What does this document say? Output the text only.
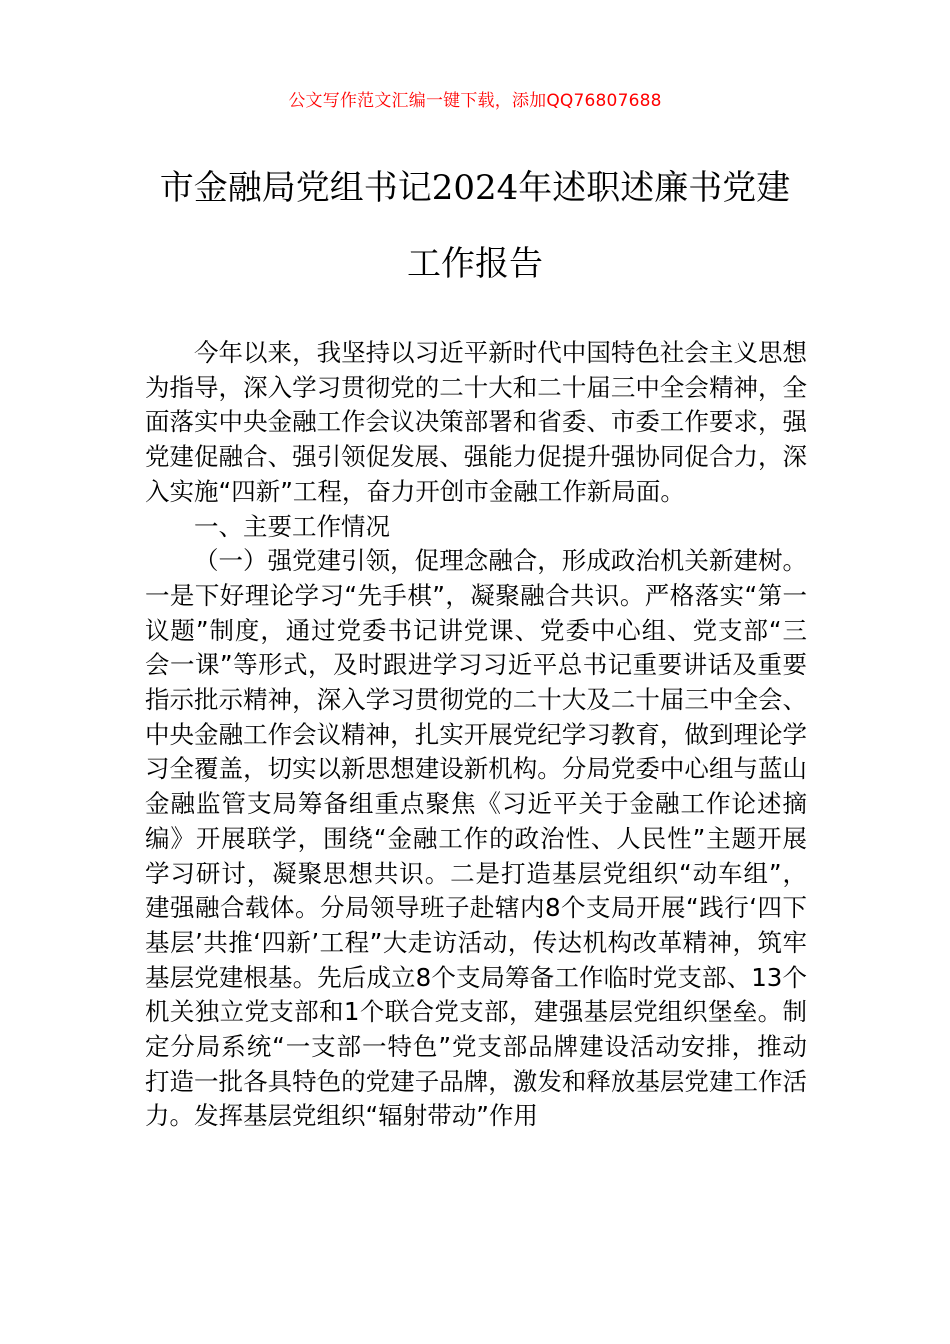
公文写作范文汇编一键下载，添加QQ76807688
市金融局党组书记2024年述职述廉书党建
工作报告

今年以来，我坚持以习近平新时代中国特色社会主义思想为指导，深入学习贯彻党的二十大和二十届三中全会精神，全面落实中央金融工作会议决策部署和省委、市委工作要求，强党建促融合、强引领促发展、强能力促提升强协同促合力，深入实施“四新”工程，奋力开创市金融工作新局面。

一、主要工作情况

（一）强党建引领，促理念融合，形成政治机关新建树。一是下好理论学习“先手棋”，凝聚融合共识。严格落实“第一议题”制度，通过党委书记讲党课、党委中心组、党支部“三会一课”等形式，及时跟进学习习近平总书记重要讲话及重要指示批示精神，深入学习贯彻党的二十大及二十届三中全会、中央金融工作会议精神，扎实开展党纪学习教育，做到理论学习全覆盖，切实以新思想建设新机构。分局党委中心组与蓝山金融监管支局筹备组重点聚焦《习近平关于金融工作论述摘编》开展联学，围绕“金融工作的政治性、人民性”主题开展学习研讨，凝聚思想共识。二是打造基层党组织“动车组”，建强融合载体。分局领导班子赴辖内8个支局开展“践行‘四下基层’共推‘四新’工程”大走访活动，传达机构改革精神，筑牢基层党建根基。先后成立8个支局筹备工作临时党支部、13个机关独立党支部和1个联合党支部，建强基层党组织堡垒。制定分局系统“一支部一特色”党支部品牌建设活动安排，推动打造一批各具特色的党建子品牌，激发和释放基层党建工作活力。发挥基层党组织“辐射带动”作用
